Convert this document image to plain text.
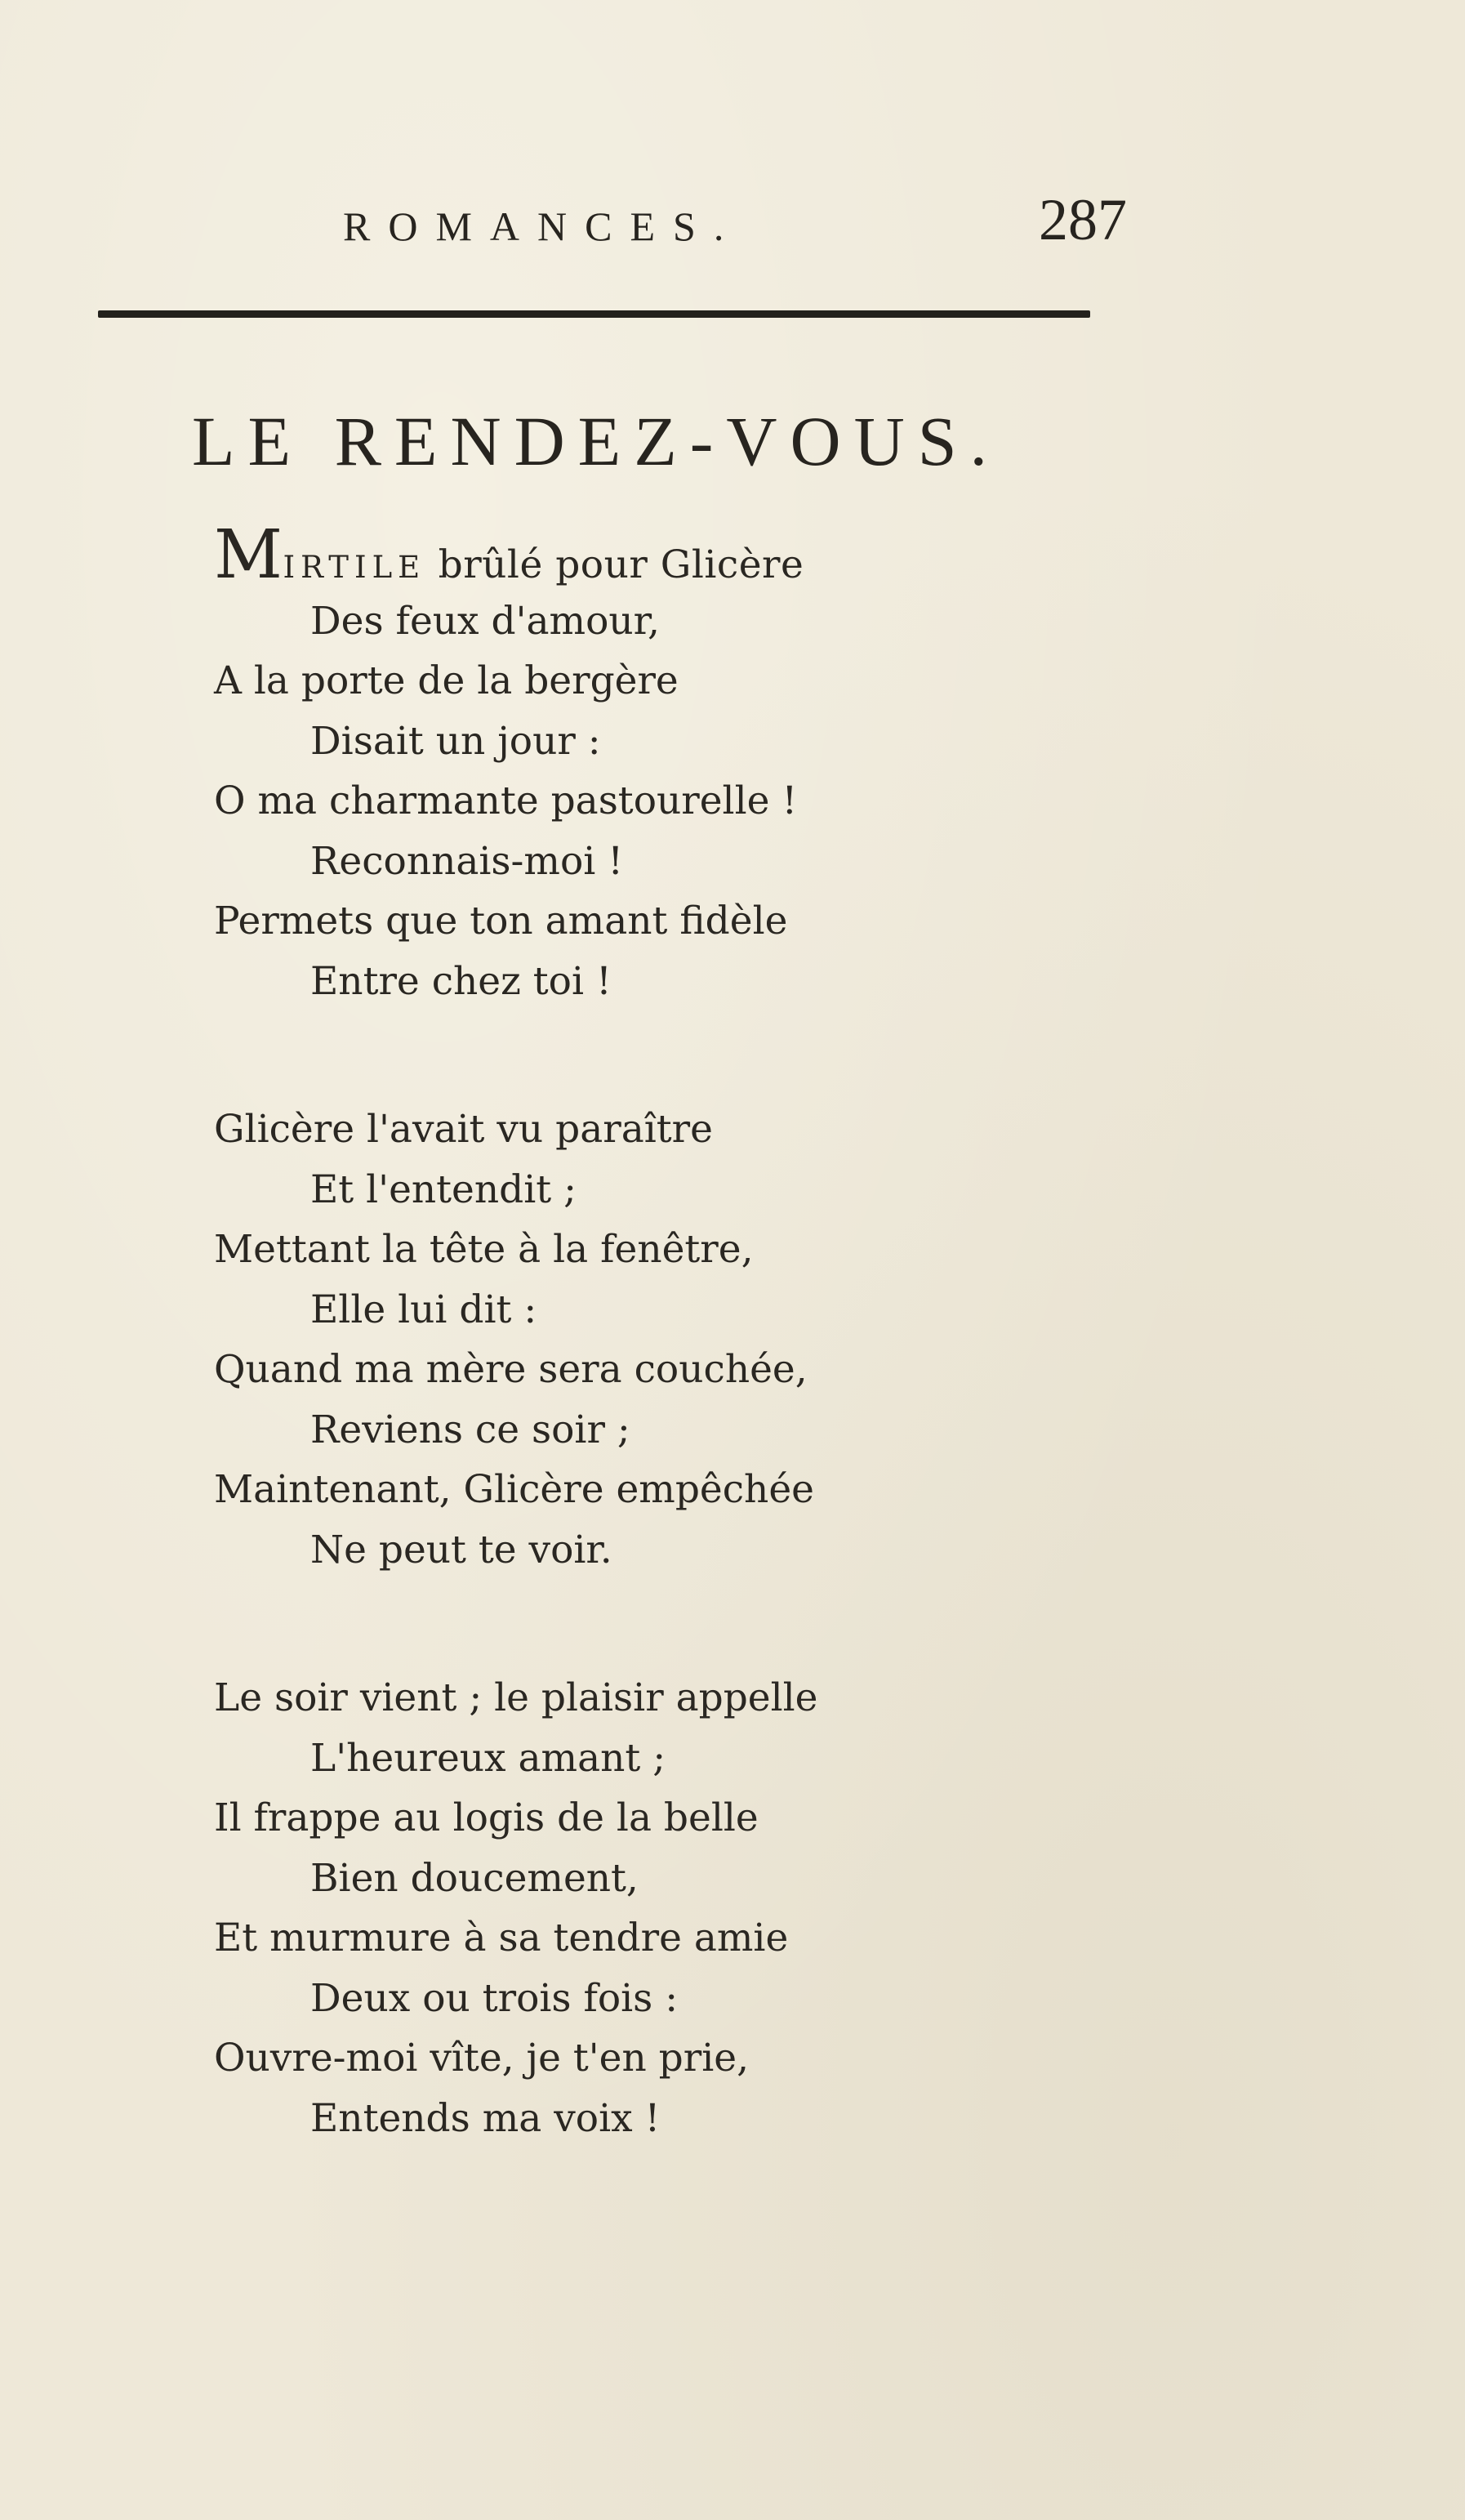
ROMANCES.	287
LE RENDEZ-VOUS.
MIRTILE brûlé pour Glicère
Des feux d'amour,
A la porte de la bergère
Disait un jour :
O ma charmante pastourelle !
Reconnais-moi !
Permets que ton amant fidèle
Entre chez toi !
Glicère l'avait vu paraître
Et l'entendit ;
Mettant la tête à la fenêtre,
Elle lui dit :
Quand ma mère sera couchée,
Reviens ce soir ;
Maintenant, Glicère empêchée
Ne peut te voir.
Le soir vient ; le plaisir appelle
L'heureux amant ;
Il frappe au logis de la belle
Bien doucement,
Et murmure à sa tendre amie
Deux ou trois fois :
Ouvre-moi vîte, je t'en prie,
Entends ma voix !
